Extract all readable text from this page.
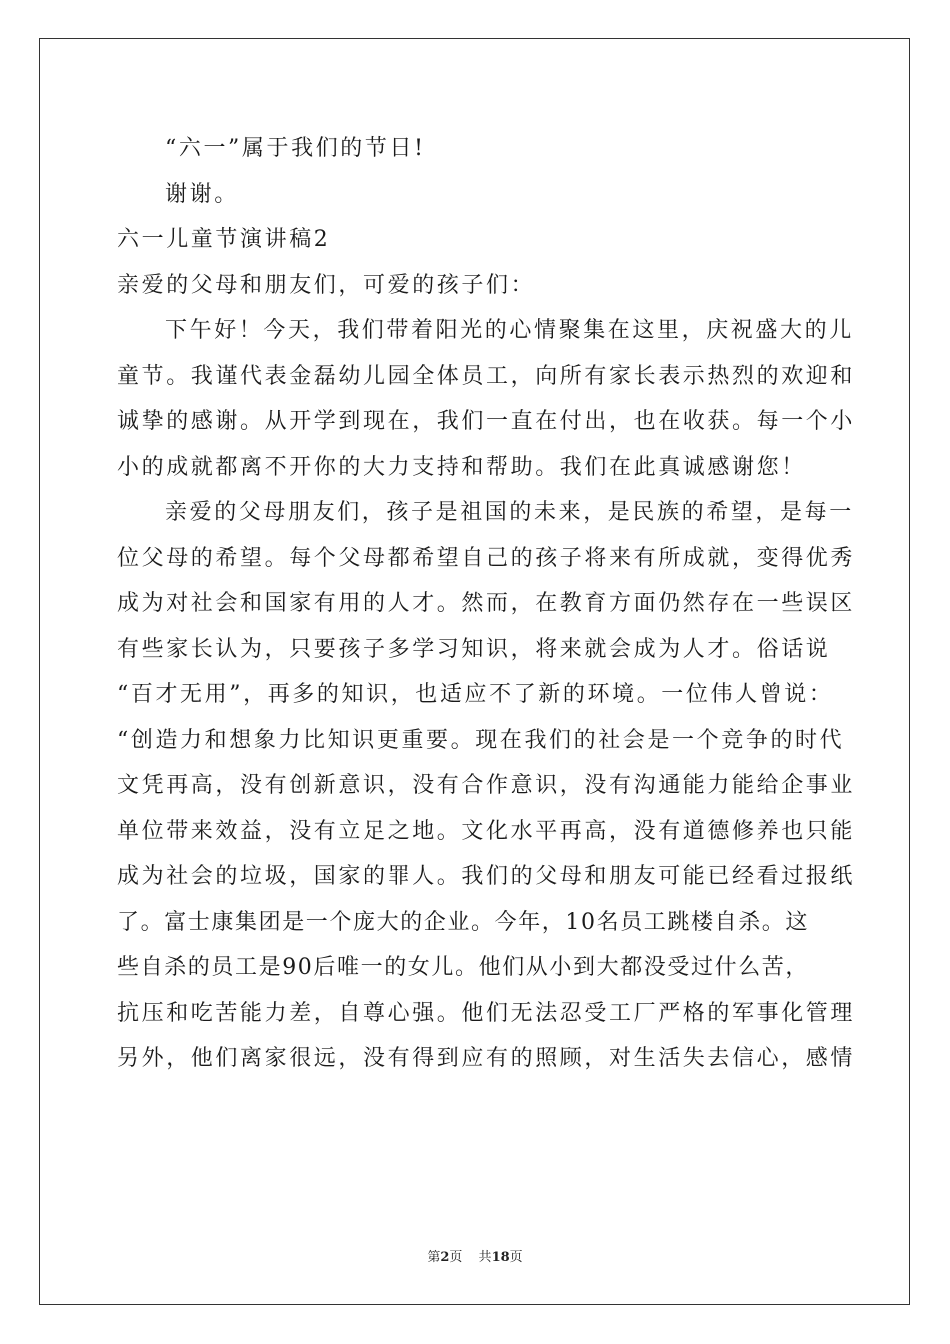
“六一”属于我们的节日!
谢谢。
六一儿童节演讲稿2
亲爱的父母和朋友们，可爱的孩子们：
下午好！今天，我们带着阳光的心情聚集在这里，庆祝盛大的儿
童节。我谨代表金磊幼儿园全体员工，向所有家长表示热烈的欢迎和
诚挚的感谢。从开学到现在，我们一直在付出，也在收获。每一个小
小的成就都离不开你的大力支持和帮助。我们在此真诚感谢您！
亲爱的父母朋友们，孩子是祖国的未来，是民族的希望，是每一
位父母的希望。每个父母都希望自己的孩子将来有所成就，变得优秀
成为对社会和国家有用的人才。然而，在教育方面仍然存在一些误区
有些家长认为，只要孩子多学习知识，将来就会成为人才。俗话说
“百才无用”，再多的知识，也适应不了新的环境。一位伟人曾说：
“创造力和想象力比知识更重要。现在我们的社会是一个竞争的时代
文凭再高，没有创新意识，没有合作意识，没有沟通能力能给企事业
单位带来效益，没有立足之地。文化水平再高，没有道德修养也只能
成为社会的垃圾，国家的罪人。我们的父母和朋友可能已经看过报纸
了。富士康集团是一个庞大的企业。今年，10名员工跳楼自杀。这
些自杀的员工是90后唯一的女儿。他们从小到大都没受过什么苦，
抗压和吃苦能力差，自尊心强。他们无法忍受工厂严格的军事化管理
另外，他们离家很远，没有得到应有的照顾，对生活失去信心，感情
第2页 共18页
